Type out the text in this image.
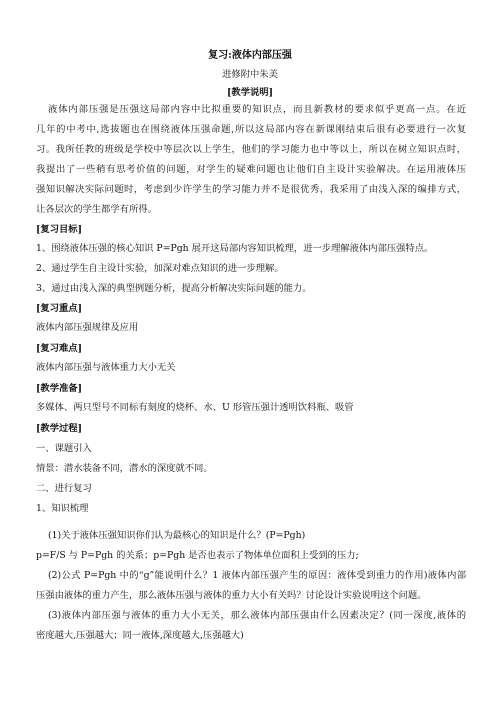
复习:液体内部压强
进修附中朱美
[教学说明]
液体内部压强是压强这局部内容中比拟重要的知识点，而且新教材的要求似乎更高一点。在近
几年的中考中,选拔题也在围绕液体压强命题,所以这局部内容在新课刚结束后很有必要进行一次复
习。我所任教的班级是学校中等层次以上学生，他们的学习能力也中等以上，所以在树立知识点时，
我提出了一些稍有思考价值的问题，对学生的疑难问题也让他们自主设计实验解决。在运用液体压
强知识解决实际问题时，考虑到少许学生的学习能力并不是很优秀，我采用了由浅入深的编排方式，
让各层次的学生都学有所得。
[复习目标]
1、围绕液体压强的核心知识 P=Pgh 展开这局部内容知识梳理，进一步理解液体内部压强特点。
2、通过学生自主设计实验，加深对难点知识的进一步理解。
3、通过由浅入深的典型例题分析，提高分析解决实际问题的能力。
[复习重点]
液体内部压强规律及应用
[复习难点]
液体内部压强与液体重力大小无关
[教学准备]
多媒体、两只型号不同标有刻度的烧杯、水、U 形管压强计透明饮料瓶、吸管
[教学过程]
一、课题引入
情景：潜水装备不同，潜水的深度就不同。
二、进行复习
1、知识梳理
(1)关于液体压强知识你们认为最核心的知识是什么？(P=Pgh)
p=F/S 与 P=Pgh 的关系；p=Pgh 是否也表示了物体单位面积上受到的压力;
(2)公式 P=Pgh 中的“g”能说明什么？1 液体内部压强产生的原因：液体受到重力的作用)液体内部
压强由液体的重力产生，那么液体压强与液体的重力大小有关吗？讨论设计实验说明这个问题。
(3)液体内部压强与液体的重力大小无关，那么液体内部压强由什么因素决定？(同一深度,液体的
密度越大,压强越大；同一液体,深度越大,压强越大)
